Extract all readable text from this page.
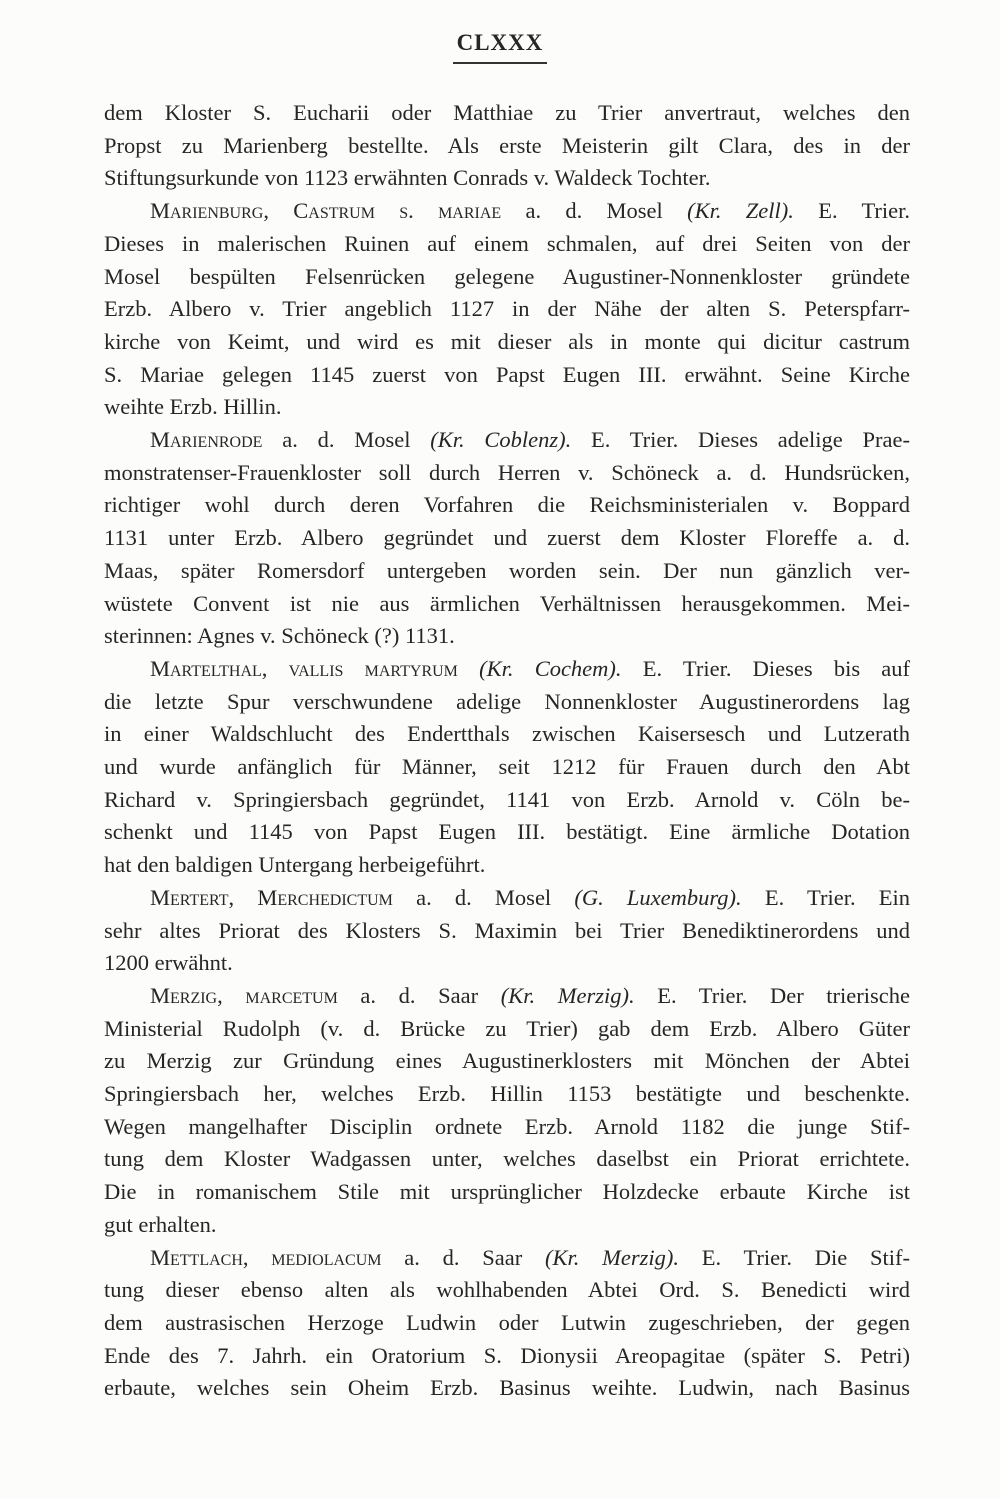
CLXXX
dem Kloster S. Eucharii oder Matthiae zu Trier anvertraut, welches den
Propst zu Marienberg bestellte. Als erste Meisterin gilt Clara, des in der
Stiftungsurkunde von 1123 erwähnten Conrads v. Waldeck Tochter.
Marienburg, Castrum s. mariae a. d. Mosel (Kr. Zell). E. Trier.
Dieses in malerischen Ruinen auf einem schmalen, auf drei Seiten von der
Mosel bespülten Felsenrücken gelegene Augustiner-Nonnenkloster gründete
Erzb. Albero v. Trier angeblich 1127 in der Nähe der alten S. Peterspfarr-
kirche von Keimt, und wird es mit dieser als in monte qui dicitur castrum
S. Mariae gelegen 1145 zuerst von Papst Eugen III. erwähnt. Seine Kirche
weihte Erzb. Hillin.
Marienrode a. d. Mosel (Kr. Coblenz). E. Trier. Dieses adelige Prae-
monstratenser-Frauenkloster soll durch Herren v. Schöneck a. d. Hundsrücken,
richtiger wohl durch deren Vorfahren die Reichsministerialen v. Boppard
1131 unter Erzb. Albero gegründet und zuerst dem Kloster Floreffe a. d.
Maas, später Romersdorf untergeben worden sein. Der nun gänzlich ver-
wüstete Convent ist nie aus ärmlichen Verhältnissen herausgekommen. Mei-
sterinnen: Agnes v. Schöneck (?) 1131.
Martelthal, vallis martyrum (Kr. Cochem). E. Trier. Dieses bis auf
die letzte Spur verschwundene adelige Nonnenkloster Augustinerordens lag
in einer Waldschlucht des Endertthals zwischen Kaisersesch und Lutzerath
und wurde anfänglich für Männer, seit 1212 für Frauen durch den Abt
Richard v. Springiersbach gegründet, 1141 von Erzb. Arnold v. Cöln be-
schenkt und 1145 von Papst Eugen III. bestätigt. Eine ärmliche Dotation
hat den baldigen Untergang herbeigeführt.
Mertert, Merchedictum a. d. Mosel (G. Luxemburg). E. Trier. Ein
sehr altes Priorat des Klosters S. Maximin bei Trier Benediktinerordens und
1200 erwähnt.
Merzig, marcetum a. d. Saar (Kr. Merzig). E. Trier. Der trierische
Ministerial Rudolph (v. d. Brücke zu Trier) gab dem Erzb. Albero Güter
zu Merzig zur Gründung eines Augustinerklosters mit Mönchen der Abtei
Springiersbach her, welches Erzb. Hillin 1153 bestätigte und beschenkte.
Wegen mangelhafter Disciplin ordnete Erzb. Arnold 1182 die junge Stif-
tung dem Kloster Wadgassen unter, welches daselbst ein Priorat errichtete.
Die in romanischem Stile mit ursprünglicher Holzdecke erbaute Kirche ist
gut erhalten.
Mettlach, mediolacum a. d. Saar (Kr. Merzig). E. Trier. Die Stif-
tung dieser ebenso alten als wohlhabenden Abtei Ord. S. Benedicti wird
dem austrasischen Herzoge Ludwin oder Lutwin zugeschrieben, der gegen
Ende des 7. Jahrh. ein Oratorium S. Dionysii Areopagitae (später S. Petri)
erbaute, welches sein Oheim Erzb. Basinus weihte. Ludwin, nach Basinus
